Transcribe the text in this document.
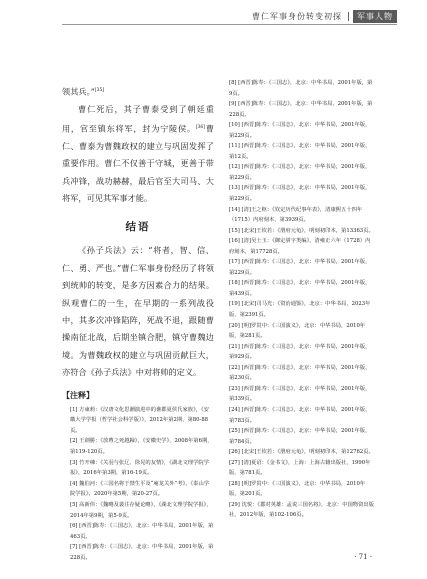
曹仁军事身份转变初探	军事人物

领其兵。”[35]

曹仁死后，其子曹泰受到了朝廷重用，官至镇东将军，封为宁陵侯。[36]曹仁、曹泰为曹魏政权的建立与巩固发挥了重要作用。曹仁不仅善于守城，更善于带兵冲锋，战功赫赫，最后官至大司马、大将军，可见其军事才能。

结语

《孙子兵法》云：“将者，智、信、仁、勇、严也。”曹仁军事身份经历了将领到统帅的转变，是多方因素合力的结果。纵观曹仁的一生，在早期的一系列战役中，其多次冲锋陷阵，死战不退，跟随曹操南征北战，后期坐镇合肥，镇守曹魏边境。为曹魏政权的建立与巩固贡献巨大，亦符合《孙子兵法》中对将帅的定义。

【注释】

[1] 方東莉：《汉唐文化思潮演进中的谯郡夏侯氏家族》，《安徽大学学报（哲学社会科学版）》，2012年第2期，第80-88页。

[2] 王劍勝：《放曹之死越歸》，《安徽史学》，2008年第6期，第119-120页。

[3] 竹开棟：《关羽与张辽、徐晃的友情》，《湖北文理学院学报》，2016年第3期，第16-19页。

[4] 魏伯河：《三国名将于禁生平及“庵龙关外”考》，《泰山学院学报》，2020年第5期，第20-27页。

[5] 高新伟：《魏略及裴注存疑论略》，《湖北文理学院学报》，2014年第9期，第5-9页。

[6] [西晋]陈寿：《三国志》，北京：中华书局，2001年版，第463页。

[7] [西晋]陈寿：《三国志》，北京：中华书局，2001年版，第228页。

[8] [西晋]陈寿：《三国志》，北京：中华书局，2001年版，第9页。

[9] [西晋]陈寿：《三国志》，北京：中华书局，2001年版，第228页。

[10] [西晋]陈寿：《三国志》，北京：中华书局，2001年版，第229页。

[11] [西晋]陈寿：《三国志》，北京：中华书局，2001年版，第12页。

[12] [西晋]陈寿：《三国志》，北京：中华书局，2001年版，第229页。

[13] [西晋]陈寿：《三国志》，北京：中华书局，2001年版，第229页。

[14] [清]王之枢：《钦定历代纪事年表》，清康熙五十四年（1715）内府刻本，第3939页。

[15] [北宋]王钦若：《册府元龟》，明刻初印本，第13363页。

[16] [清]吴士玉：《御定骈字类编》，清雍正六年（1728）内府刻本，第17728页。

[17] [西晋]陈寿：《三国志》，北京：中华书局，2001年版，第229页。

[18] [西晋]陈寿：《三国志》，北京：中华书局，2001年版，第439页。

[19] [北宋]司马光：《资治通鉴》，北京：中华书局，2023年版，第2391页。

[20] [明]罗贯中：《三国演义》，北京：中华书局，2010年版，第281页。

[21] [西晋]陈寿：《三国志》，北京：中华书局，2001年版，第929页。

[22] [西晋]陈寿：《三国志》，北京：中华书局，2001年版，第230页。

[23] [西晋]陈寿：《三国志》，北京：中华书局，2001年版，第339页。

[24] [西晋]陈寿：《三国志》，北京：中华书局，2001年版，第783页。

[25] [西晋]陈寿：《三国志》，北京：中华书局，2001年版，第784页。

[26] [北宋]王钦若：《册府元龟》，明刻初印本，第12762页。

[27] [清]夏诏：《金书文》，上海：上海古籍出版社，1990年版，第781页。

[28] [明]罗贯中：《三国演义》，北京：中华书局，2010年版，第201页。

[29] 沈悦：《郡对英雄：孟说三国名将》，北京：中国物资出版社，2012年版，第102-106页。

· 71 ·
